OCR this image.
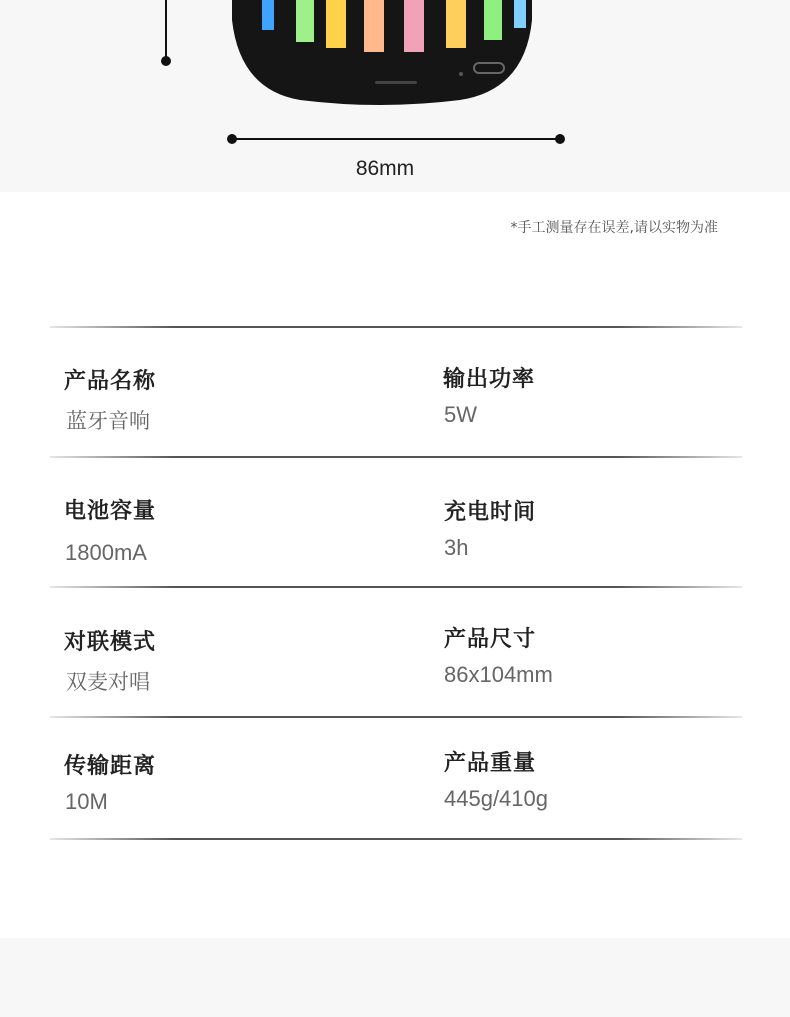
86mm
*手工测量存在误差,请以实物为准
产品名称
蓝牙音响
输出功率
5W
电池容量
1800mA
充电时间
3h
对联模式
双麦对唱
产品尺寸
86x104mm
传输距离
10M
产品重量
445g/410g
